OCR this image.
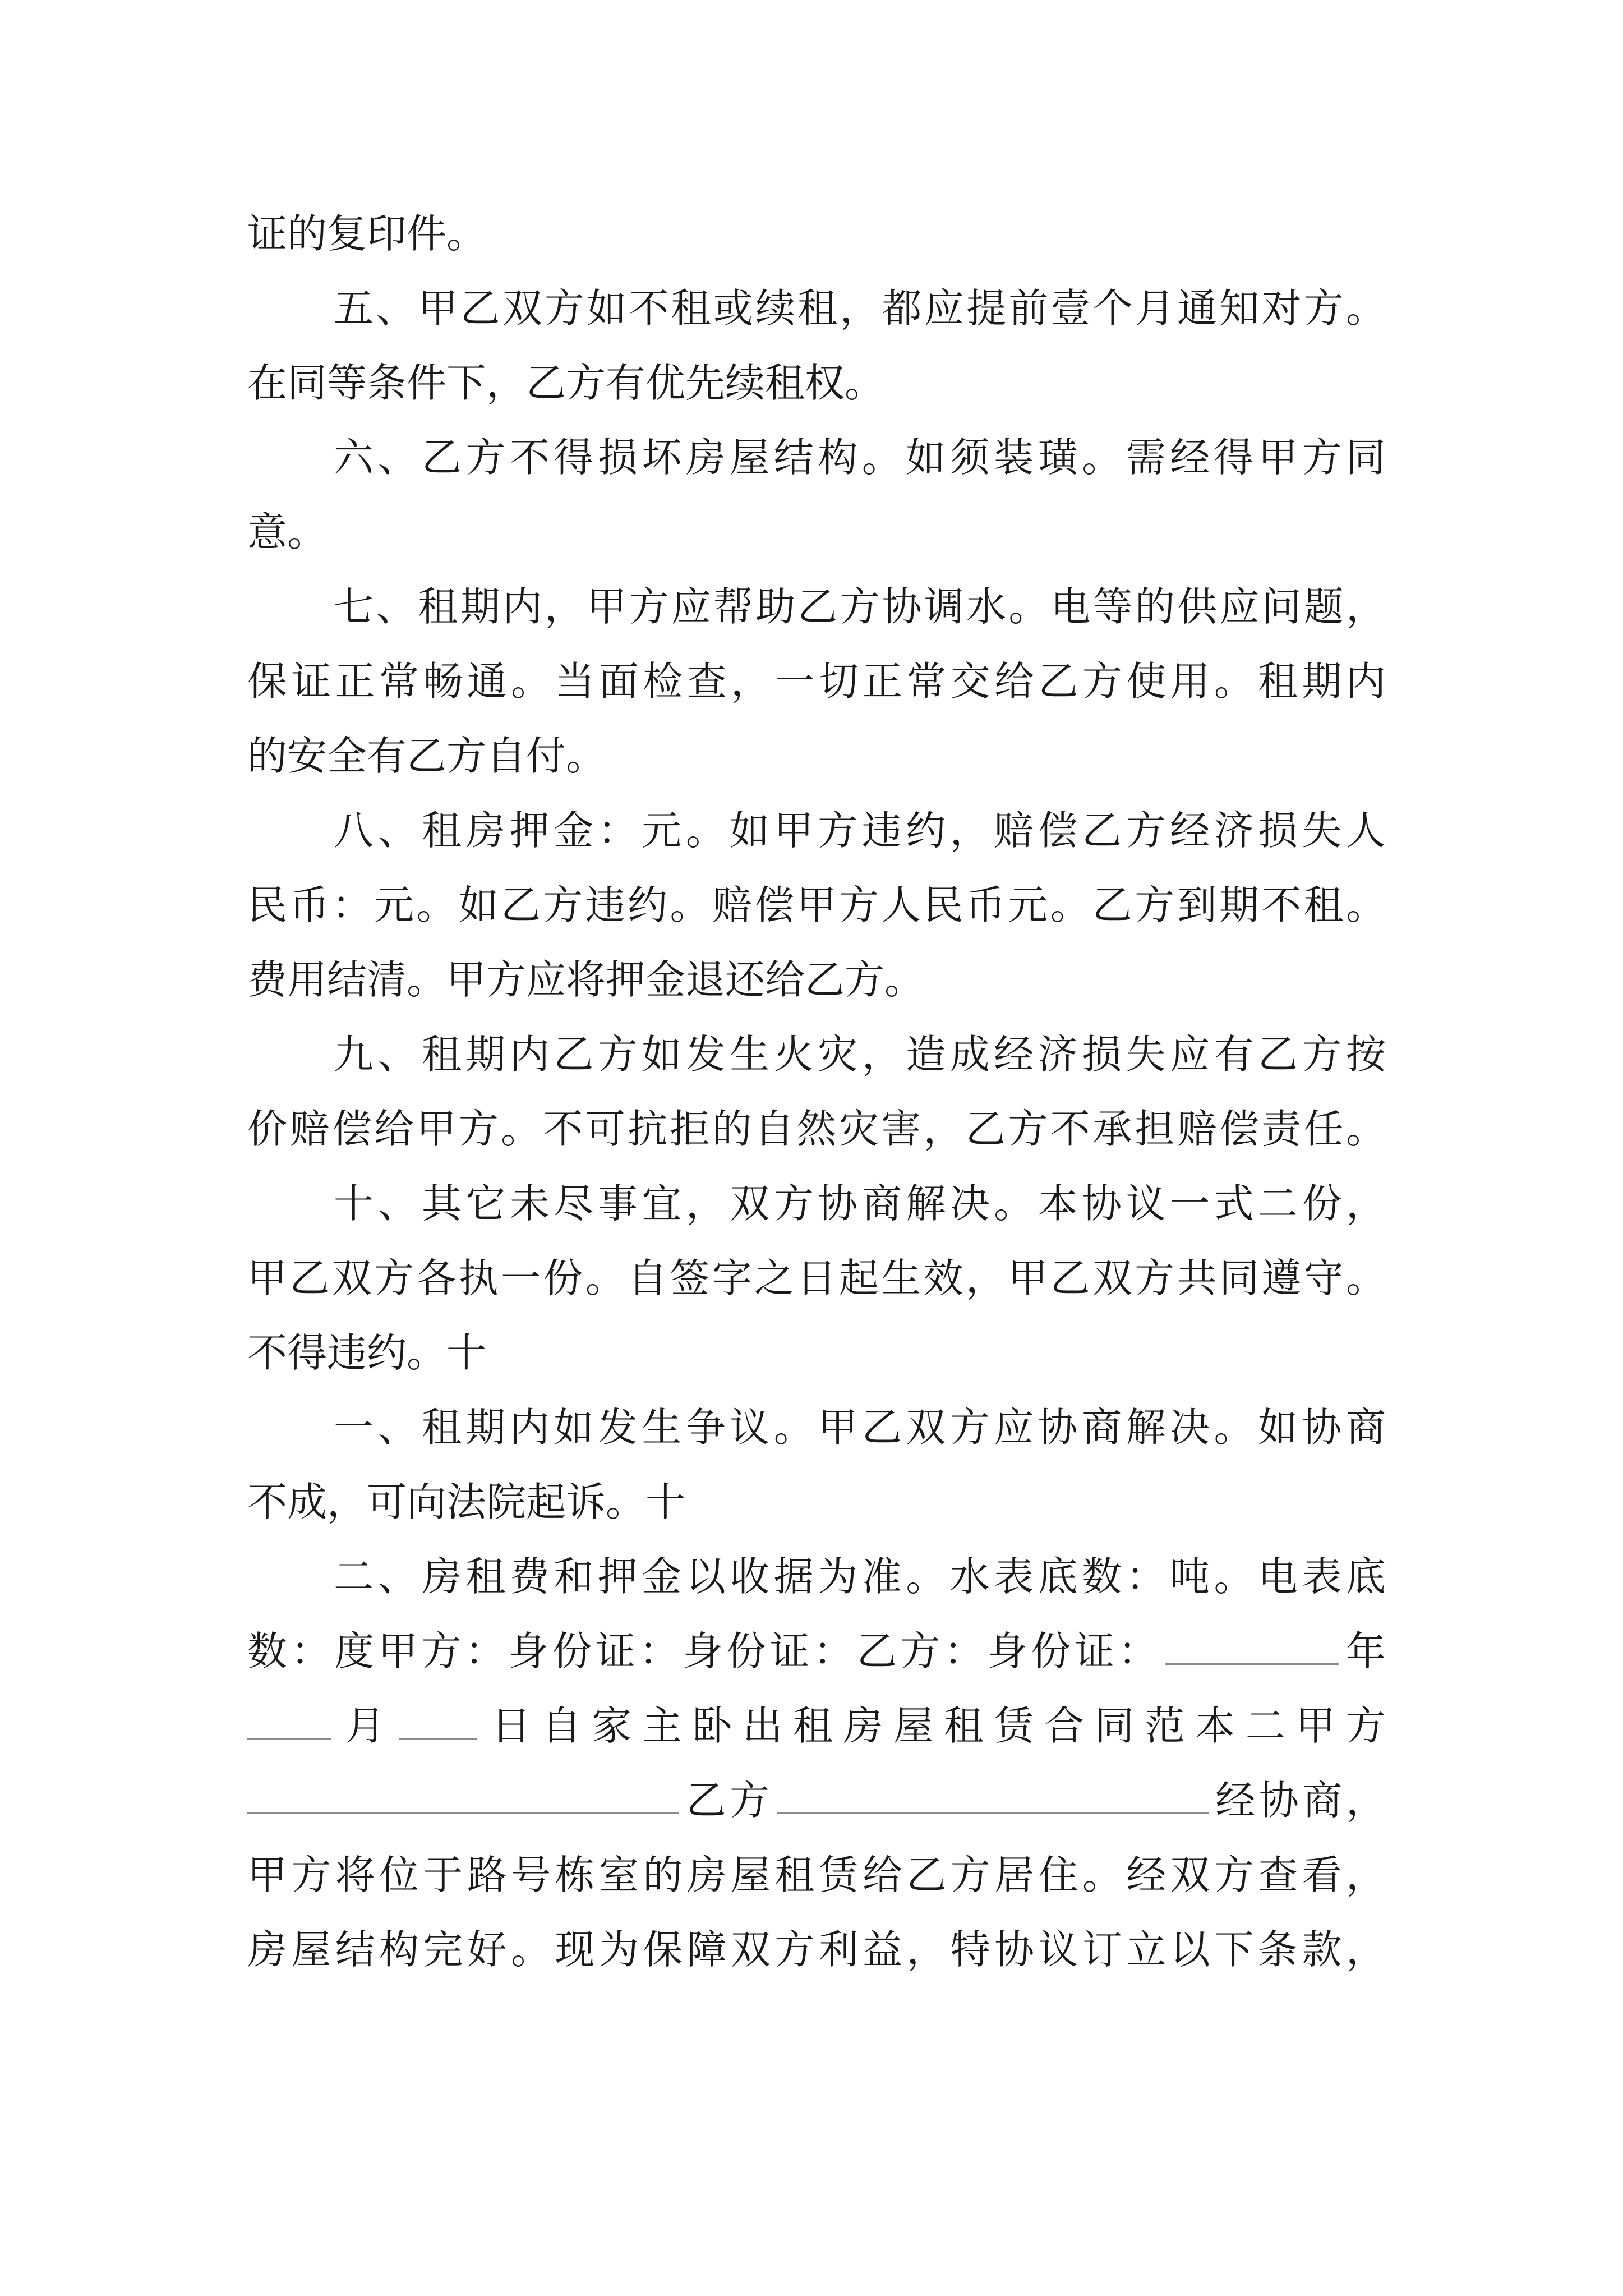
证的复印件。
五、甲乙双方如不租或续租，都应提前壹个月通知对方。
在同等条件下，乙方有优先续租权。
六、乙方不得损坏房屋结构。如须装璜。需经得甲方同
意。
七、租期内，甲方应帮助乙方协调水。电等的供应问题，
保证正常畅通。当面检查，一切正常交给乙方使用。租期内
的安全有乙方自付。
八、租房押金：元。如甲方违约，赔偿乙方经济损失人
民币：元。如乙方违约。赔偿甲方人民币元。乙方到期不租。
费用结清。甲方应将押金退还给乙方。
九、租期内乙方如发生火灾，造成经济损失应有乙方按
价赔偿给甲方。不可抗拒的自然灾害，乙方不承担赔偿责任。
十、其它未尽事宜，双方协商解决。本协议一式二份，
甲乙双方各执一份。自签字之日起生效，甲乙双方共同遵守。
不得违约。十
一、租期内如发生争议。甲乙双方应协商解决。如协商
不成，可向法院起诉。十
二、房租费和押金以收据为准。水表底数：吨。电表底
数：度甲方：身份证：身份证：乙方：身份证：	年
月 日自家主卧出租房屋租赁合同范本二甲方
乙方	经协商，
甲方将位于路号栋室的房屋租赁给乙方居住。经双方查看，
房屋结构完好。现为保障双方利益，特协议订立以下条款，
